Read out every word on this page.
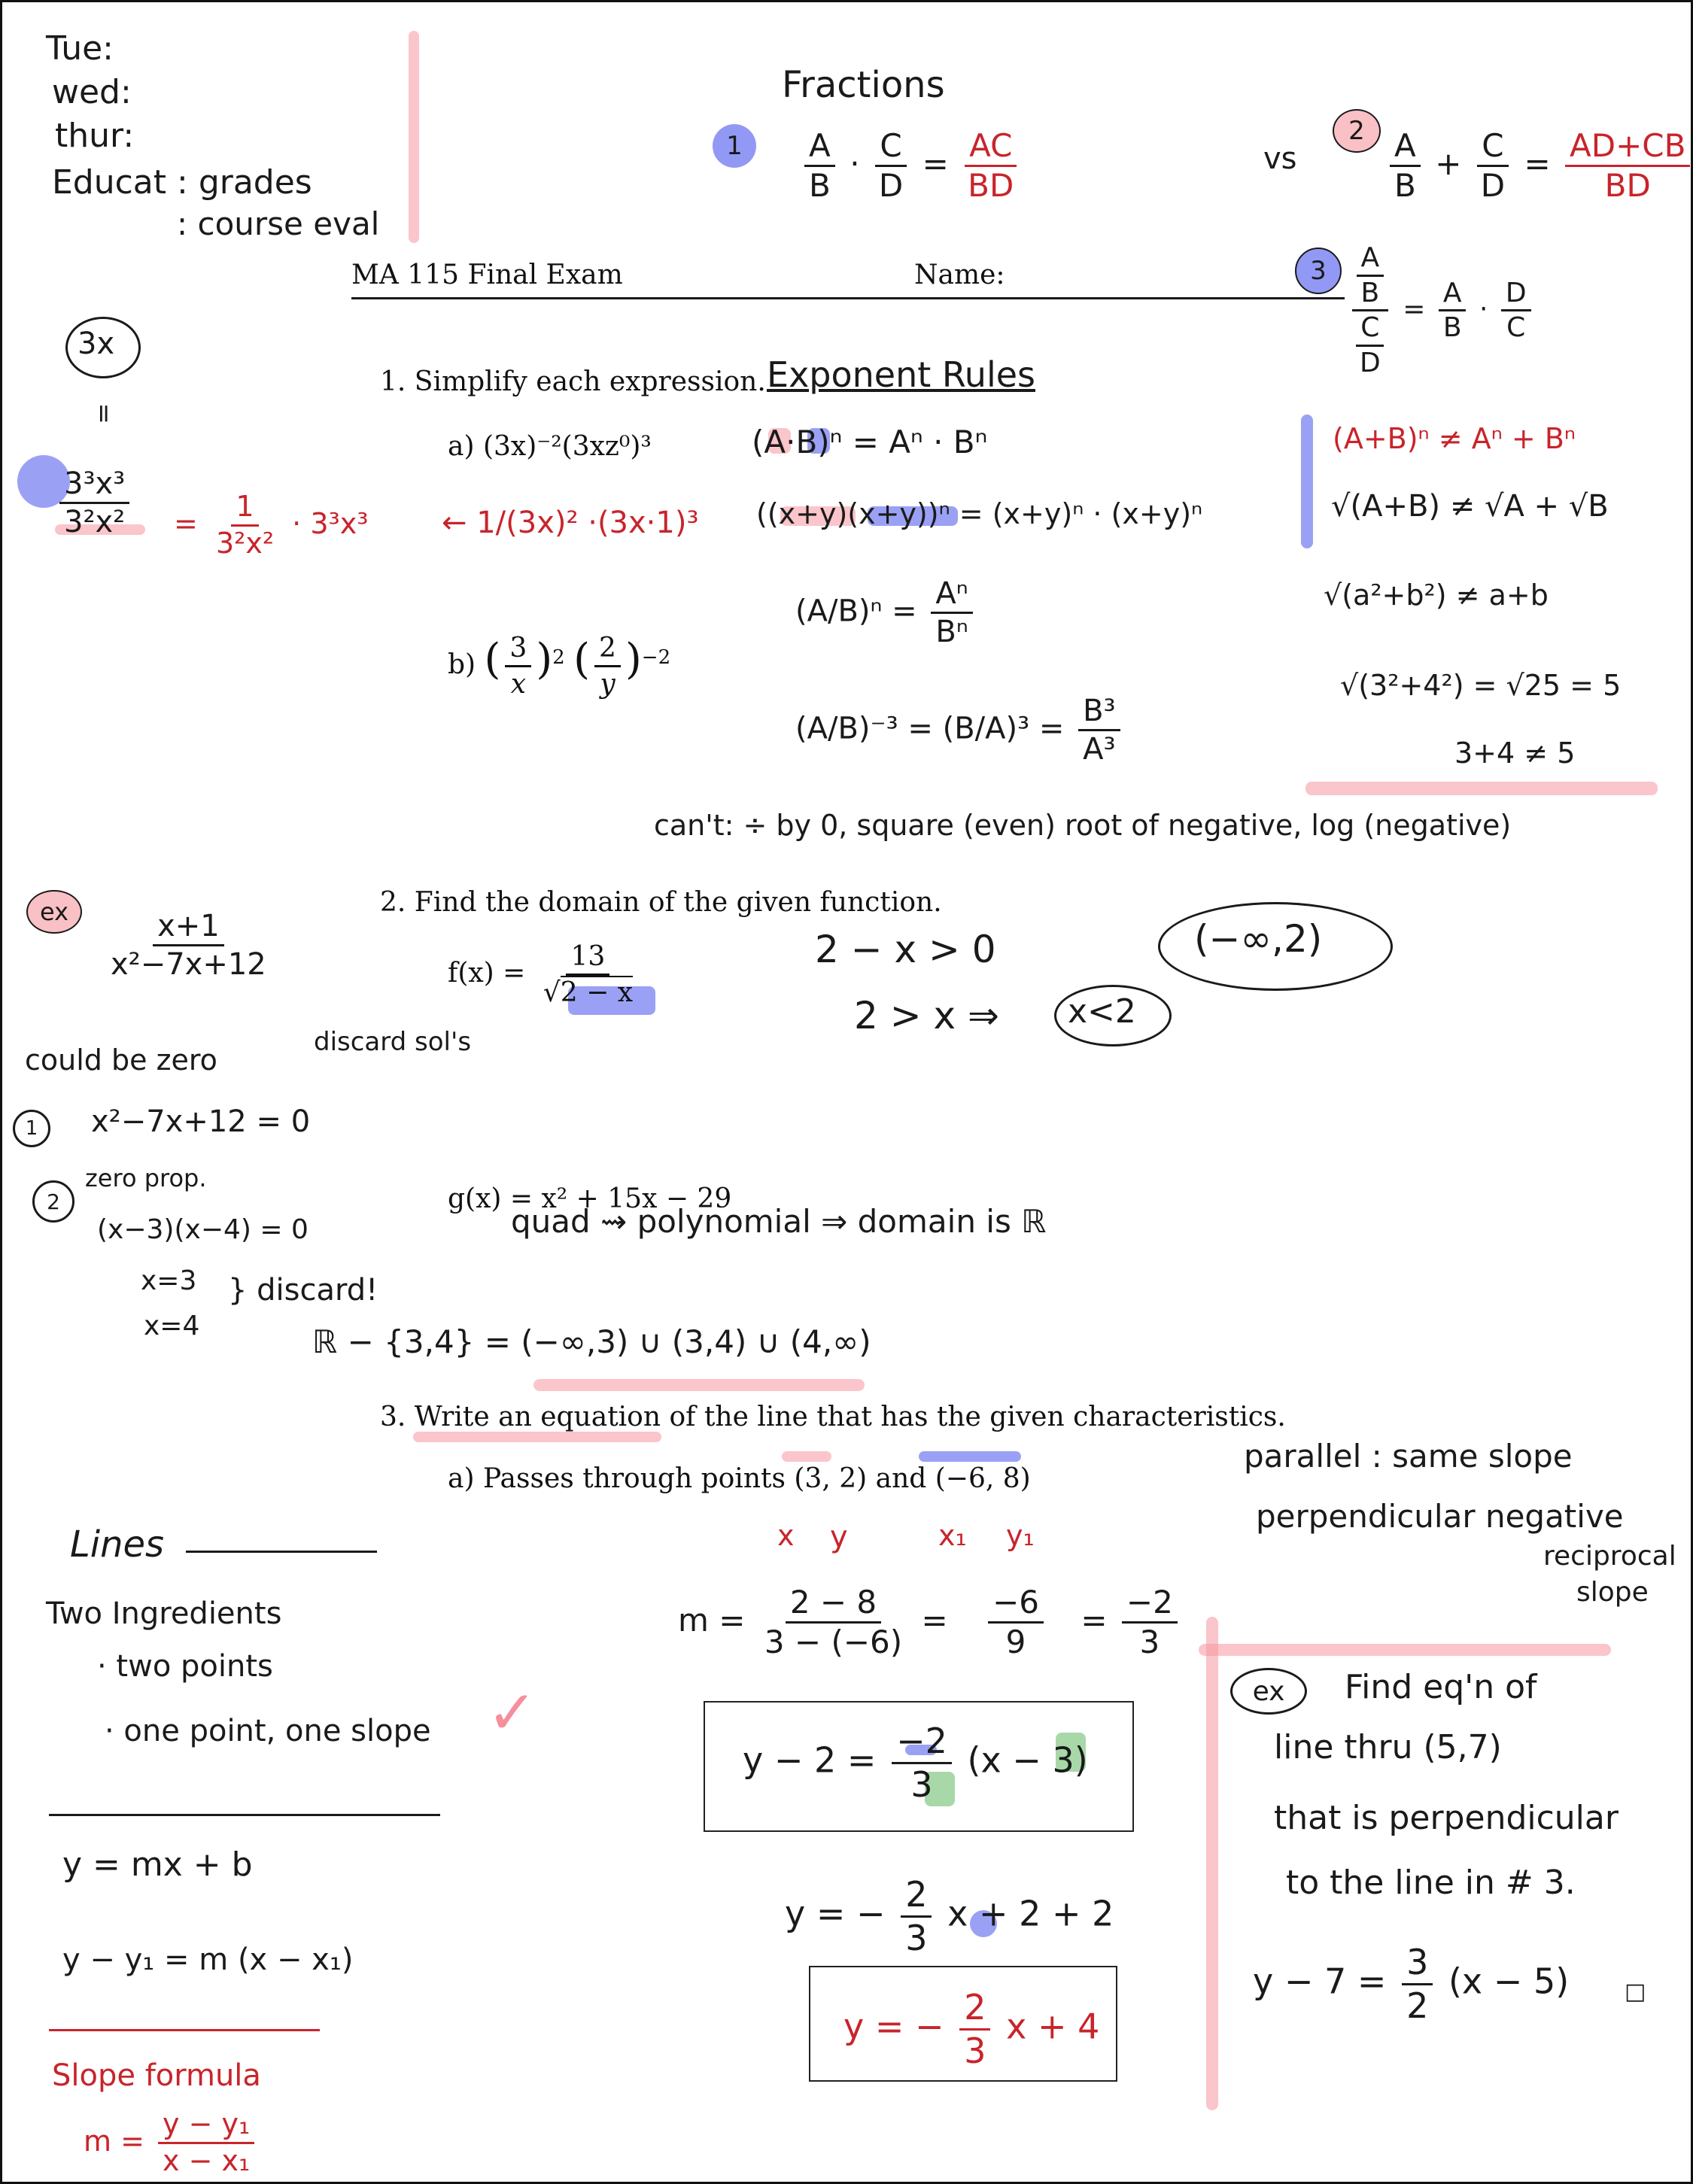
Tue:
wed:
thur:
Educat : grades
: course eval
Fractions
$1 \frac{A}{B} \cdot \frac{C}{D} = \frac{AC}{BD}$	vs
$2 \frac{A}{B} + \frac{C}{D} = \frac{AD+CB}{BD}$
$3 \frac{\frac{A}{B}}{\frac{C}{D}} = \frac{A}{B} \cdot \frac{D}{C}$
MA 115 Final Exam	Name:
3x
=
$\frac{\text{3³x³}}{\text{3²x²}} = \frac{1}{\text{3²x²}} \cdot 3^3x^3$
1. Simplify each expression. Exponent Rules
a) (3x)⁻²(3xz⁰)³
← 1/(3x)² ·(3x·1)³
b) ( $\frac{3}{x} )^2$ ( $\frac{2}{y} )^{-2}$
(A·B)ⁿ = Aⁿ · Bⁿ
((x+y)(x+y))ⁿ = (x+y)ⁿ · (x+y)ⁿ
$(A/B)^n = \frac{\text{Aⁿ}}{\text{Bⁿ}}$
$(A/B)^{-3} = (B/A)^3 = \frac{\text{B³}}{\text{A³}}$
(A+B)ⁿ ≠ Aⁿ + Bⁿ
√(A+B) ≠ √A + √B
√(a²+b²) ≠ a+b
√(3²+4²) = √25 = 5
3+4 ≠ 5
can't: ÷ by 0, square (even) root of negative, log (negative)
2. Find the domain of the given function.
$f(x) = \frac{13}{√2 - x}$	2 − x > 0
2 > x ⇒ x<2
(−∞,2)
g(x) = x² + 15x − 29
quad ⇝ polynomial ⇒ domain is ℝ
ex $\frac{x+1}{\text{x²−7x+12}}$
could be zero
discard sol's
1 x²−7x+12 = 0
2
zero prop.
(x−3)(x−4) = 0
x=3
x=4
} discard!
ℝ − {3,4} = (−∞,3) ∪ (3,4) ∪ (4,∞)
3. Write an equation of the line that has the given characteristics.
a) Passes through points (3, 2) and (−6, 8)
x y	x₁ y₁
$m = \frac{2 - 8}{3 - (-6)} = \frac{-6}{9} = \frac{-2}{3}$
$y - 2 = \frac{-2}{3} (x - 3)$
y = − $\frac{2}{3}$ x + 2 + 2
y = − $\frac{2}{3}$ x + 4
Lines
Two Ingredients
· two points
· one point, one slope ✓
y = mx + b
y − y₁ = m (x − x₁)
Slope formula
$m = \frac{\text{y − y₁}}{\text{x − x₁}}$
parallel : same slope
perpendicular negative
reciprocal
slope
ex Find eq'n of
line thru (5,7)
that is perpendicular
to the line in # 3.
$y - 7 = \frac{3}{2} (x - 5)$ □
